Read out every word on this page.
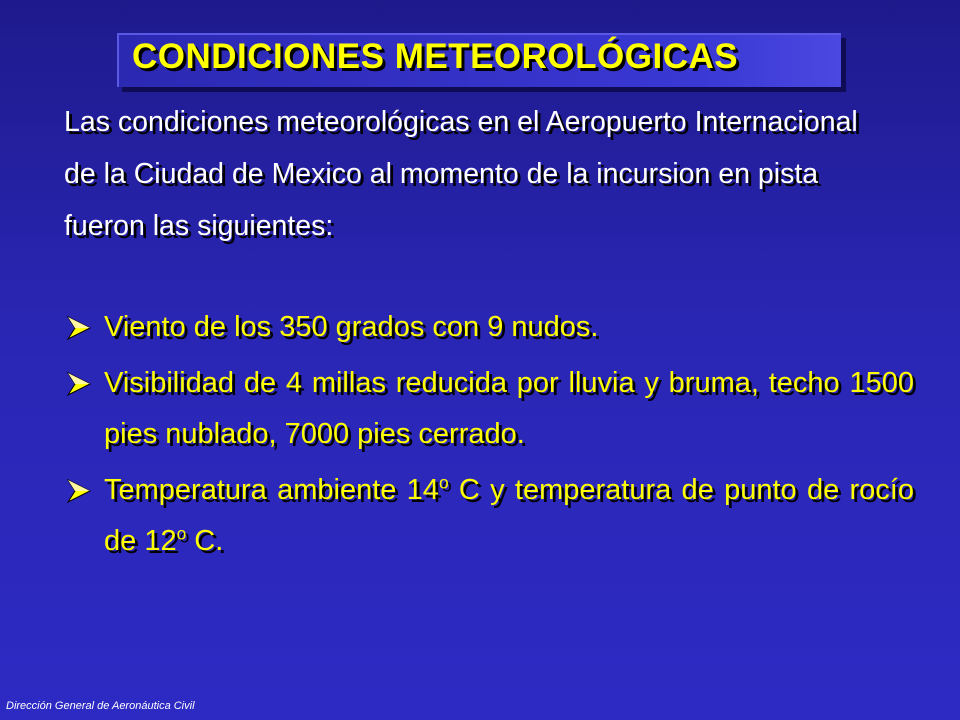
CONDICIONES METEOROLÓGICAS
Las condiciones meteorológicas en el Aeropuerto Internacional de la Ciudad de Mexico al momento de la incursion en pista fueron las siguientes:
Viento de los 350 grados con 9 nudos.
Visibilidad de 4 millas reducida por lluvia y bruma, techo 1500 pies nublado, 7000 pies cerrado.
Temperatura ambiente 14$^o$ C y temperatura de punto de rocío de 12$^o$ C.
Dirección General de Aeronáutica Civil
